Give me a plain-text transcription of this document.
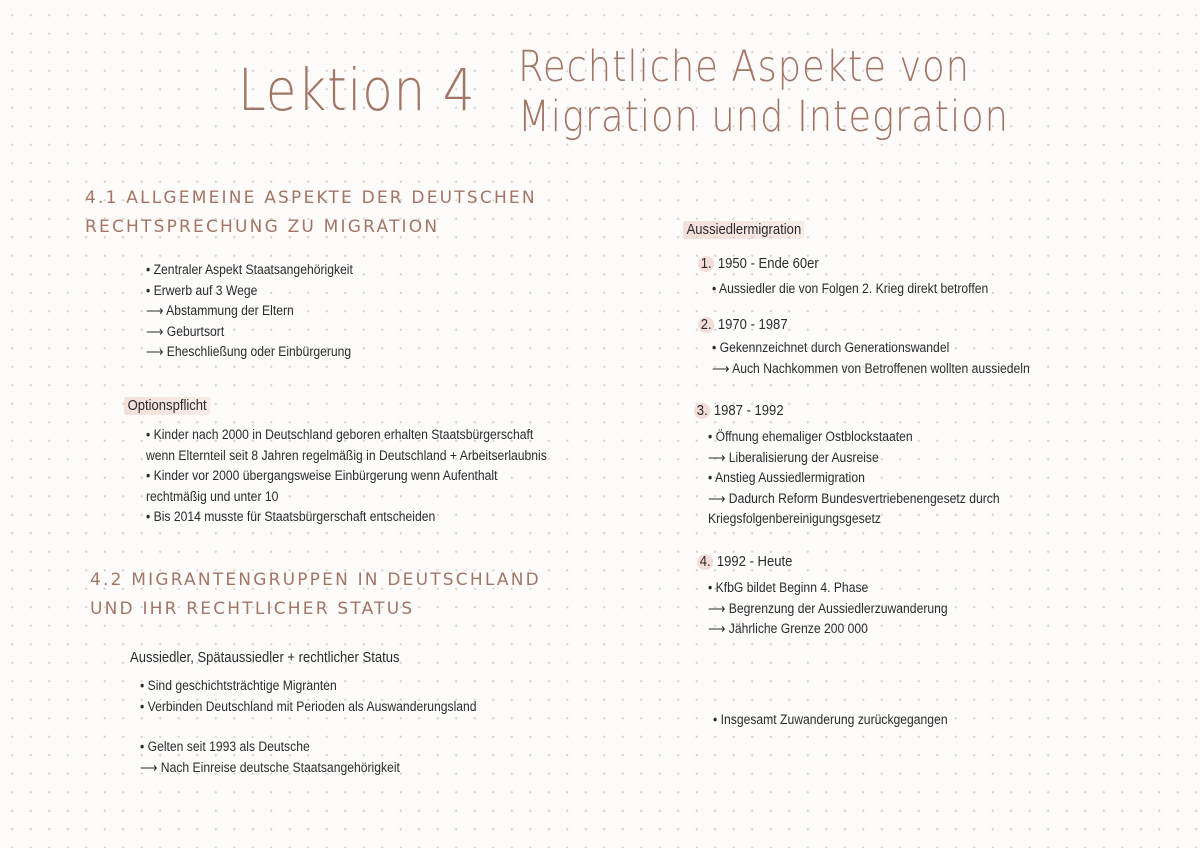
Lektion 4 Rechtliche Aspekte von
Migration und Integration
4.1 ALLGEMEINE ASPEKTE DER DEUTSCHEN
RECHTSPRECHUNG ZU MIGRATION
• Zentraler Aspekt Staatsangehörigkeit
• Erwerb auf 3 Wege
⟶ Abstammung der Eltern
⟶ Geburtsort
⟶ Eheschließung oder Einbürgerung
Optionspflicht
• Kinder nach 2000 in Deutschland geboren erhalten Staatsbürgerschaft
wenn Elternteil seit 8 Jahren regelmäßig in Deutschland + Arbeitserlaubnis
• Kinder vor 2000 übergangsweise Einbürgerung wenn Aufenthalt
rechtmäßig und unter 10
• Bis 2014 musste für Staatsbürgerschaft entscheiden
4.2 MIGRANTENGRUPPEN IN DEUTSCHLAND
UND IHR RECHTLICHER STATUS
Aussiedler, Spätaussiedler + rechtlicher Status
• Sind geschichtsträchtige Migranten
• Verbinden Deutschland mit Perioden als Auswanderungsland
• Gelten seit 1993 als Deutsche
⟶ Nach Einreise deutsche Staatsangehörigkeit
Aussiedlermigration
1. 1950 - Ende 60er
• Aussiedler die von Folgen 2. Krieg direkt betroffen
2. 1970 - 1987
• Gekennzeichnet durch Generationswandel
⟶ Auch Nachkommen von Betroffenen wollten aussiedeln
3. 1987 - 1992
• Öffnung ehemaliger Ostblockstaaten
⟶ Liberalisierung der Ausreise
• Anstieg Aussiedlermigration
⟶ Dadurch Reform Bundesvertriebenengesetz durch
Kriegsfolgenbereinigungsgesetz
4. 1992 - Heute
• KfbG bildet Beginn 4. Phase
⟶ Begrenzung der Aussiedlerzuwanderung
⟶ Jährliche Grenze 200 000
• Insgesamt Zuwanderung zurückgegangen
